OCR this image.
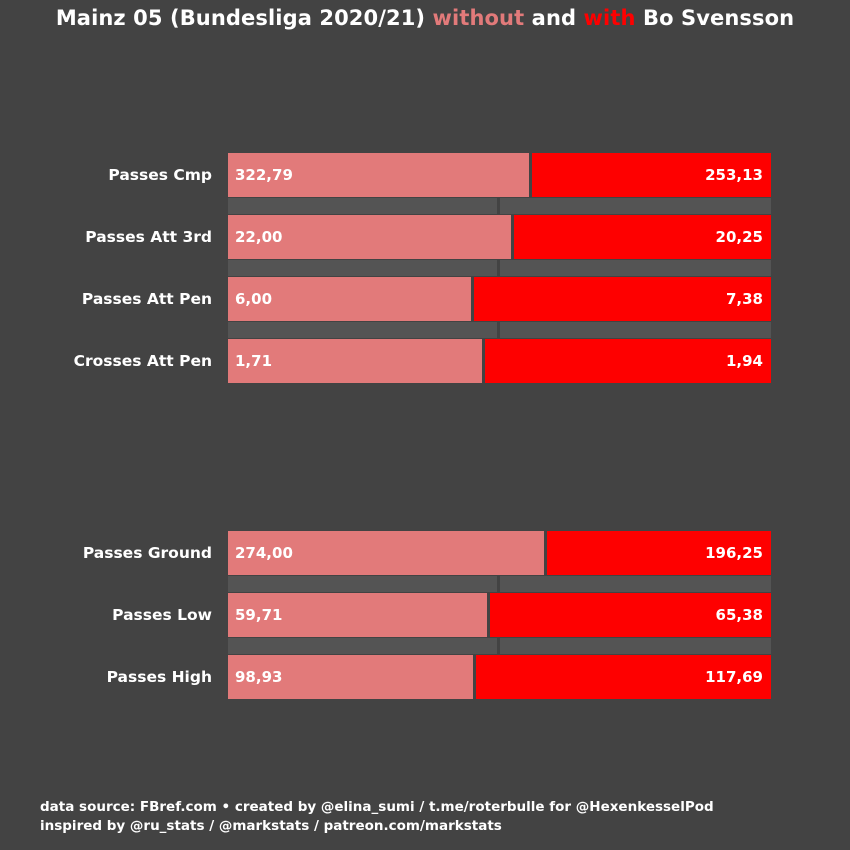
Mainz 05 (Bundesliga 2020/21) without and with Bo Svensson
Passes Cmp 322,79	253,13
Passes Att 3rd 22,00	20,25
Passes Att Pen 6,00	7,38
Crosses Att Pen 1,71	1,94
Passes Ground 274,00	196,25
Passes Low 59,71	65,38
Passes High 98,93	117,69
data source: FBref.com • created by @elina_sumi / t.me/roterbulle for @HexenkesselPod
inspired by @ru_stats / @markstats / patreon.com/markstats
